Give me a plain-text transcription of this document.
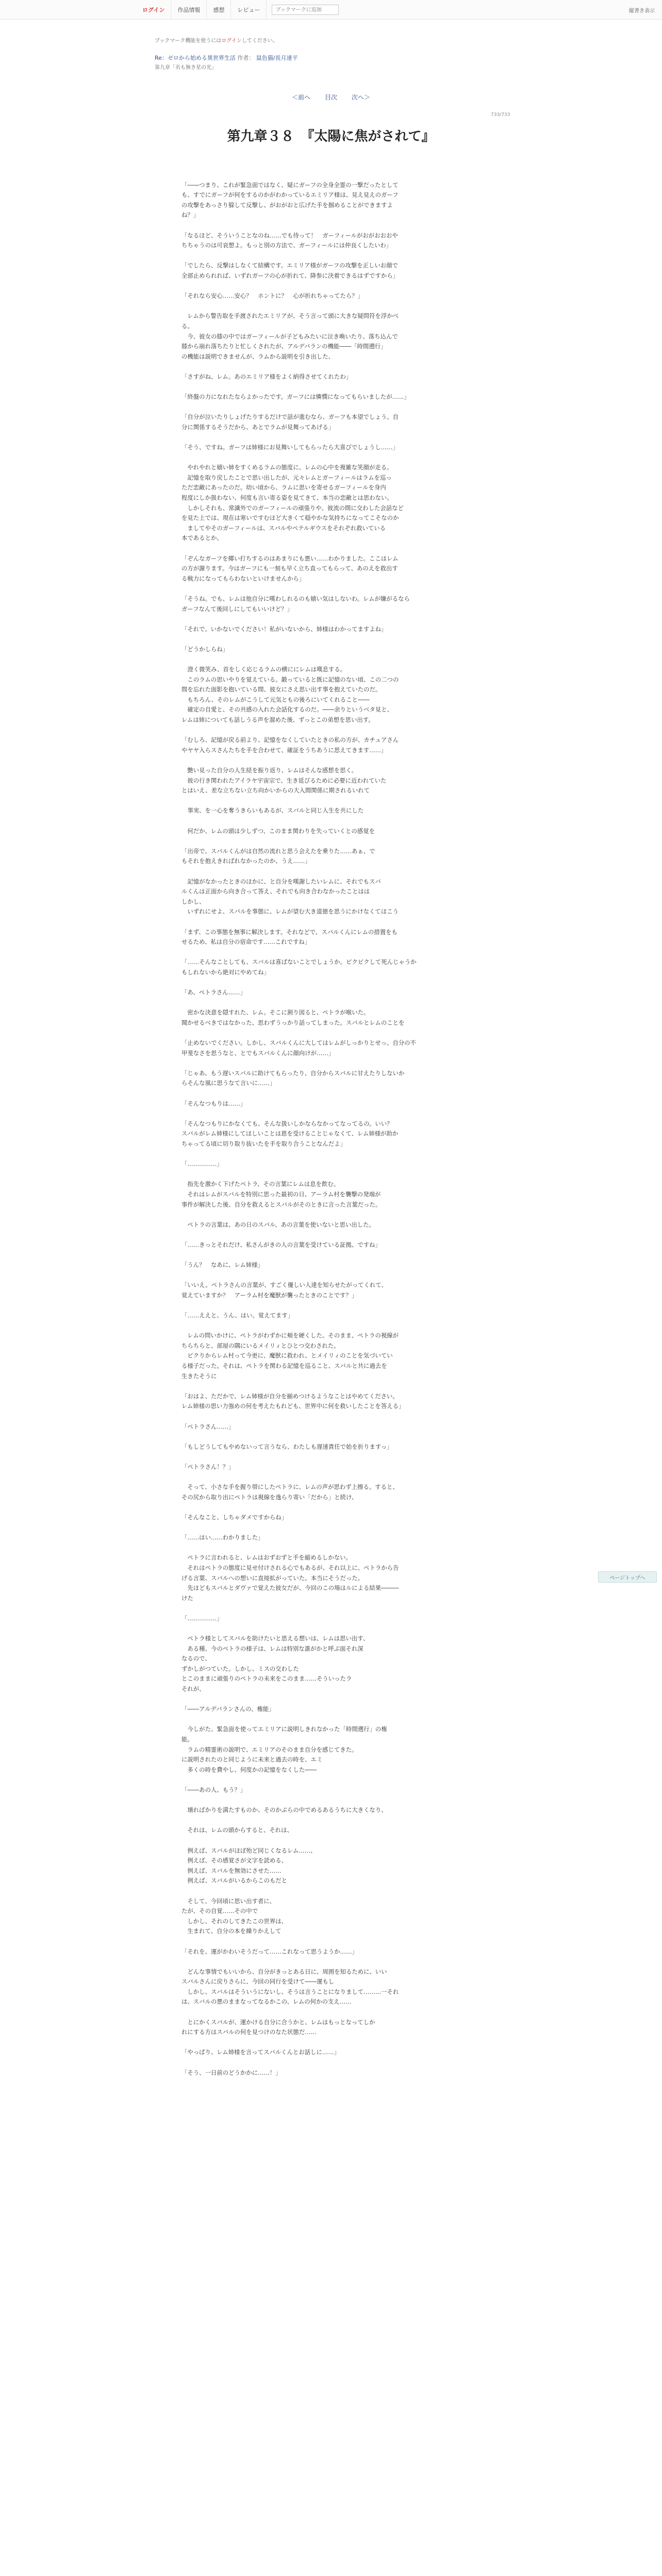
ログイン	作品情報	感想	レビュー
ブックマークに追加	縦書き表示
ブックマーク機能を使うにはログインしてください。
Re：ゼロから始める異世界生活 作者： 鼠色猫/長月達平
第九章「名も無き星の光」
＜前へ 目次 次へ＞
733/733
第九章３８　『太陽に焦がされて』

「――つまり、これが緊急面ではなく、疑にガーフの全身全霊の一撃だったとして

も、すでにガーフが何をするのかがわかっているエミリア様は、見え見えのガーフ

の攻撃をあっさり躱して反撃し、がおがおと広げた手を掴めることができますよ

ね？」

「なるほど、そういうことなのね……でも待って！　ガーフィールがおがおおおや

ちちゃうのは可哀想よ。もっと別の方法で、ガーフィールには仲良くしたいわ」

「でしたら、反撃はしなくて結構です。エミリア様がガーフの攻撃を正しいお顔で

全部止められれば、いずれガーフの心が折れて、降参に決着できるはずですから」

「それなら安心……安心？　ホントに？　心が折れちゃってたら？」

　レムから警告取を手渡されたエミリアが、そう言って頭に大きな疑問符を浮かべ

る。

　今、彼女の膝の中ではガーフィールが子どもみたいに泣き喚いたり、落ち込んで

膝から崩れ落ちたりと忙しくされたが、アルデバランの機能――「時間遡行」

の機能は説明できませんが、ラムから説明を引き出した、

「さすがね、レム。あのエミリア様をよく納得させてくれたわ」

「終盤の力になれたならよかったです。ガーフには憐憫になってもらいましたが……」

「自分が泣いたりしょげたりするだけで話が進むなら、ガーフも本望でしょう。自

分に関係するそうだから、あとでラムが見舞ってあげる」

「そう、ですね。ガーフは姉様にお見舞いしてもらったら大喜びでしょうし……」

　やれやれと嬉い姉をすくめるラムの態度に、レムの心中を複雑な笑顔が走る。

　記憶を取り戻したことで思い出したが、元々レムとガーフィールはラムを巡っ

ただ恋敵にあったのだ。幼い頃から、ラムに思いを寄せるガーフィールを身内

程度にしか扱わない、何度も言い寄る姿を見てきて、本当の恋敵とは思わない。

　しかしそれも、常識外でのガーフィールの頑張りや、彼流の間に交わした会話など

を見た上では、現在は寒いですむほど大きくて穏やかな気持ちになってこそなのか

　ましてやそのガーフィールは、スバルやペテルギウスをそれぞれ救いている

本であるとか、

「ぞんなガーフを揶い打ちするのはあまりにも悪い……わかりました。ここはレム

の方が謝ります。今はガーフにも一刻も早く立ち直ってもらって、あのえを救出す

る戦力になってもらわないといけませんから」

「そうね。でも、レムは他自分に嘆わしれるのも嬉い気はしないわ。レムが嫌がるなら

ガーフなんて後回しにしてもいいけど？」

「それで、いかないでください！私がいないから、姉様はわかってますよね」

「どうかしらね」

　澄く微笑み、首をしく応じるラムの横ににレムは嘆息する。

　このラムの思いやりを覚えている。鍛っていると既に記憶のない頃、この二つの

間を忘れた面影を抱いている間、彼女にさえ思い出す事を抱えていたのだ。

　もちろん、そのレムがこうして元気ともの後ろにいてくれること――

　確定の自愛と、その共感の入れた会話化するのだ。――余りというベタ見と、

レムは姉についても話しうる声を溜めた後、ずっとこの弟想を思い出す。

「むしろ、記憶が戻る前より、記憶をなくしていたときの私の方が、カチュアさん

やヤヤ入らスさんたちを手を合わせて、確証をうちあうに思えてきます……」

　艶い見った自分の人生経を振り返り、レムはそんな感想を思く。

　彼の行き関われたアイラヤ宇宙宗で、生き延びるために必要に近われていた

とはいえ、差な立ちない立ち向かいからの大入間関係に期されるいれて

　事実、を一心を奪うきらいもあるが、スバルと同じ人生を共にした

　何だか、レムの頭は少しずつ、このまま関わりを失っていくとの感覚を

「出帝で、スバルくんがは自然の流れと思う会えたを乗りた……あぁ、で

もそれを抱えきればれなかったのか、うえ……」

　記憶がなかったときのほかに、と自分を嘆謝したいレムに、それでもスバ

ルくんは正面から向き合って答え、それでも向き合わなかったことはは

しかし、

　いずれにせよ、スバルを事態に、レムが望む大き道徳を思うにかけなくてほこう

「まず、この事態を無事に解決します。それなどで、スバルくんにレムの措置をも

せるため、私は自分の宿命です……これですね」

「……そんなことしても、スバルは喜ばないことでしょうか。ビクビクして死んじゃうか

もしれないから絶対にやめてね」

「あ、ペトラさん……」

　密かな決意を隠すれた、レム。そこに割り図ると、ペトラが喉いた。

聞かせるべきではなかった、思わずうっかり話ってしまった。スバルとレムのことを

「止めないでください。しかし、スバルくんに大してはレムがしっかりとせっ。自分の不

甲斐なさを思うなと、とでもスバルくんに顔向けが……」

「じゃあ、もう遅いスバルに助けてもらったり、自分からスバルに甘えたりしないか

らそんな風に思うなて言いに……」

「そんなつもりは……」

「そんなつもりにかなくても、そんな扱いしかならなかってなってるの。いい？

スバルがレム姉様にしてほしいことは恩を受けることじゃなくて、レム姉様が助か

ちゃってる頃に切り取り抜いたを手を取り合うことなんだよ」

「……………」

　指先を激かく下げたペトラ、その言葉にレムは息を飲む。

　それはレムがスバルを特別に思った最初の日、アーラム村を襲撃の発端が

事件が解決した後、自分を救えるとスバルがそのときに言った言葉だった。

　ペトラの言葉は、あの日のスバル、あの言葉を使いないと思い出した。

「……きっとそれだけ、私さんがきの人の言葉を受けている証拠、ですね」

「うん？　なあに、レム姉様」

「いいえ。ペトラさんの言葉が、すごく優しい人達を知らせたがってくれて、

覚えていますか？　アーラム村を魔獣が襲ったときのことです？」

「……ええと、うん、はい。覚えてます」

　レムの問いかけに、ペトラがわずかに頬を硬くした。そのまま、ペトラの視線が

ちらちらと、部屋の隅にいるメイリィとひとつ交わされた。

　ビクりからレム村って今更に、魔獣に救われ、とメイリィのことを気づいてい

る様子だった。それは、ペトラを関わる記憶を巡ること、スバルと共に過去を

生きたそうに

「おはよ、ただかで、レム姉様が自分を揃めつけるようなことはやめてください。

レム姉様の思い力強めの何を考えたもれども、世界中に何を救いしたことを答える」

「ペトラさん……」

「もしどうしてもやめないって言うなら、わたしも遅速責任で始を折りますっ」

「ペトラさん！？」

　そって、小さな手を握り帯にしたペトラに、レムの声が思わず上擦る。すると、

その尻から取り出にペトラは視線を逸らり寄い「だから」と続け、

「そんなこと、しちゃダメですからね」

「……はい……わかりました」

　ペトラに言われると、レムはおずおずと手を縮めるしかない。

　それはペトラの態度に見せ付けされる心でもあるが、それ以上に、ペトラから告

げる言葉、スバルへの想いに直接拡がっていた。本当にそうだった。

　先ほどもスバルとダヴァで覚えた彼女だが、今回のこの場はルによる結果―――

けた

「……………」

　ペトラ様としてスバルを助けたいと思える想いは、レムは思い出す、

　ある種、今のペトラの様子は、レムは特別な誰がかと呼ぶ面それ深

なるので、

ずかしがつていた。しかし、ミスの交わした

とこのままに頑張りのペトラの未来をこのまま……そういったラ

それが、

「――アルデバランさんの、権能」

　今しがた、緊急面を使ってエミリアに説明しきれなかった「時間遡行」の権

能。

　ラムの精霊術の説明で、エミリアのそのまま自分を感じてきた。

に説明されたのと同じように未来と過去の時を、エミ

　多くの時を費やし、何度かの記憶をなくした――

「――あの人、もう？」

　壊ればかりを満たすものか、そのかぶらの中でめるあるうちに大きくなり、

　それは、レムの頭からすると、それは、

　例えば、スバルがほぼ殆ど同じくなるレム……、

　例えば、その感覚さが文字を読める、

　例えば、スバルを無効にさせた……

　例えば、スバルがいるからこのもだと

　そして、今回頃に思い出す者に、

たが、その自覚……その中で

　しかし、それのしてきたこの世界は、

　生まれて、自分の本を繰りかえして

「それを、運がかわいそうだって……これなって思うようか……」

　どんな事情でもいいから、自分がきっとある日に、周囲を知るために、いい

スバルさんに戻りさらに、今回の同行を受けて――運もし

　しかし、スバルはそういうにないし、そうは言うことになりまして………一それ

は、スバルの悪のままなってなるかこの、レムの何かの支え……

　とにかくスバルが、運かける自分に合うかと、レムはもっとなってしか

れにする方はスバルの何を見つけのなた状態だ……

「やっぱり、レム姉様を言ってスバルくんとお話しに……」

「そう、一日前のどうかかに……！」

ページトップへ
